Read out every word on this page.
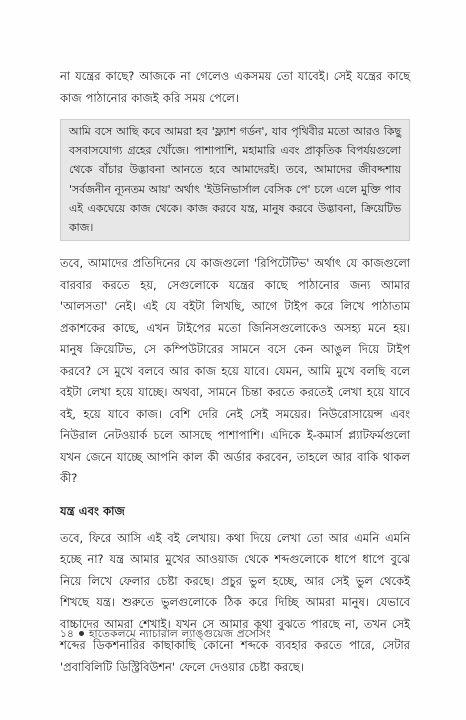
না যন্ত্রের কাছে? আজকে না গেলেও একসময় তো যাবেই। সেই যন্ত্রের কাছে কাজ পাঠানোর কাজই করি সময় পেলে।

আমি বসে আছি কবে আমরা হব 'ফ্ল্যাশ গর্ডন', যাব পৃথিবীর মতো আরও কিছু বসবাসযোগ্য গ্রহের খোঁজে। পাশাপাশি, মহামারি এবং প্রাকৃতিক বিপর্যয়গুলো থেকে বাঁচার উদ্ভাবনা আনতে হবে আমাদেরই। তবে, আমাদের জীবদ্দশায় 'সর্বজনীন ন্যূনতম আয়' অর্থাৎ 'ইউনিভার্সাল বেসিক পে' চলে এলে মুক্তি পাব এই একঘেয়ে কাজ থেকে। কাজ করবে যন্ত্র, মানুষ করবে উদ্ভাবনা, ক্রিয়েটিভ কাজ।

তবে, আমাদের প্রতিদিনের যে কাজগুলো 'রিপিটেটিভ' অর্থাৎ যে কাজগুলো বারবার করতে হয়, সেগুলোকে যন্ত্রের কাছে পাঠানোর জন্য আমার 'আলসতা' নেই। এই যে বইটা লিখছি, আগে টাইপ করে লিখে পাঠাতাম প্রকাশকের কাছে, এখন টাইপের মতো জিনিসগুলোকেও অসহ্য মনে হয়। মানুষ ক্রিয়েটিভ, সে কম্পিউটারের সামনে বসে কেন আঙুল দিয়ে টাইপ করবে? সে মুখে বলবে আর কাজ হয়ে যাবে। যেমন, আমি মুখে বলছি বলে বইটা লেখা হয়ে যাচ্ছে। অথবা, সামনে চিন্তা করতে করতেই লেখা হয়ে যাবে বই, হয়ে যাবে কাজ। বেশি দেরি নেই সেই সময়ের। নিউরোসায়েন্স এবং নিউরাল নেটওয়ার্ক চলে আসছে পাশাপাশি। এদিকে ই-কমার্স প্ল্যাটফর্মগুলো যখন জেনে যাচ্ছে আপনি কাল কী অর্ডার করবেন, তাহলে আর বাকি থাকল কী?

যন্ত্র এবং কাজ

তবে, ফিরে আসি এই বই লেখায়। কথা দিয়ে লেখা তো আর এমনি এমনি হচ্ছে না? যন্ত্র আমার মুখের আওয়াজ থেকে শব্দগুলোকে ধাপে ধাপে বুঝে নিয়ে লিখে ফেলার চেষ্টা করছে। প্রচুর ভুল হচ্ছে, আর সেই ভুল থেকেই শিখছে যন্ত্র। শুরুতে ভুলগুলোকে ঠিক করে দিচ্ছি আমরা মানুষ। যেভাবে বাচ্চাদের আমরা শেখাই। যখন সে আমার কথা বুঝতে পারছে না, তখন সেই শব্দের ডিকশনারির কাছাকাছি কোনো শব্দকে ব্যবহার করতে পারে, সেটার 'প্রবাবিলিটি ডিস্ট্রিবিউশন' ফেলে দেওয়ার চেষ্টা করছে।

১৪ হাতেকলমে ন্যাচারাল ল্যাঙ্গুয়েজ প্রসেসিং
